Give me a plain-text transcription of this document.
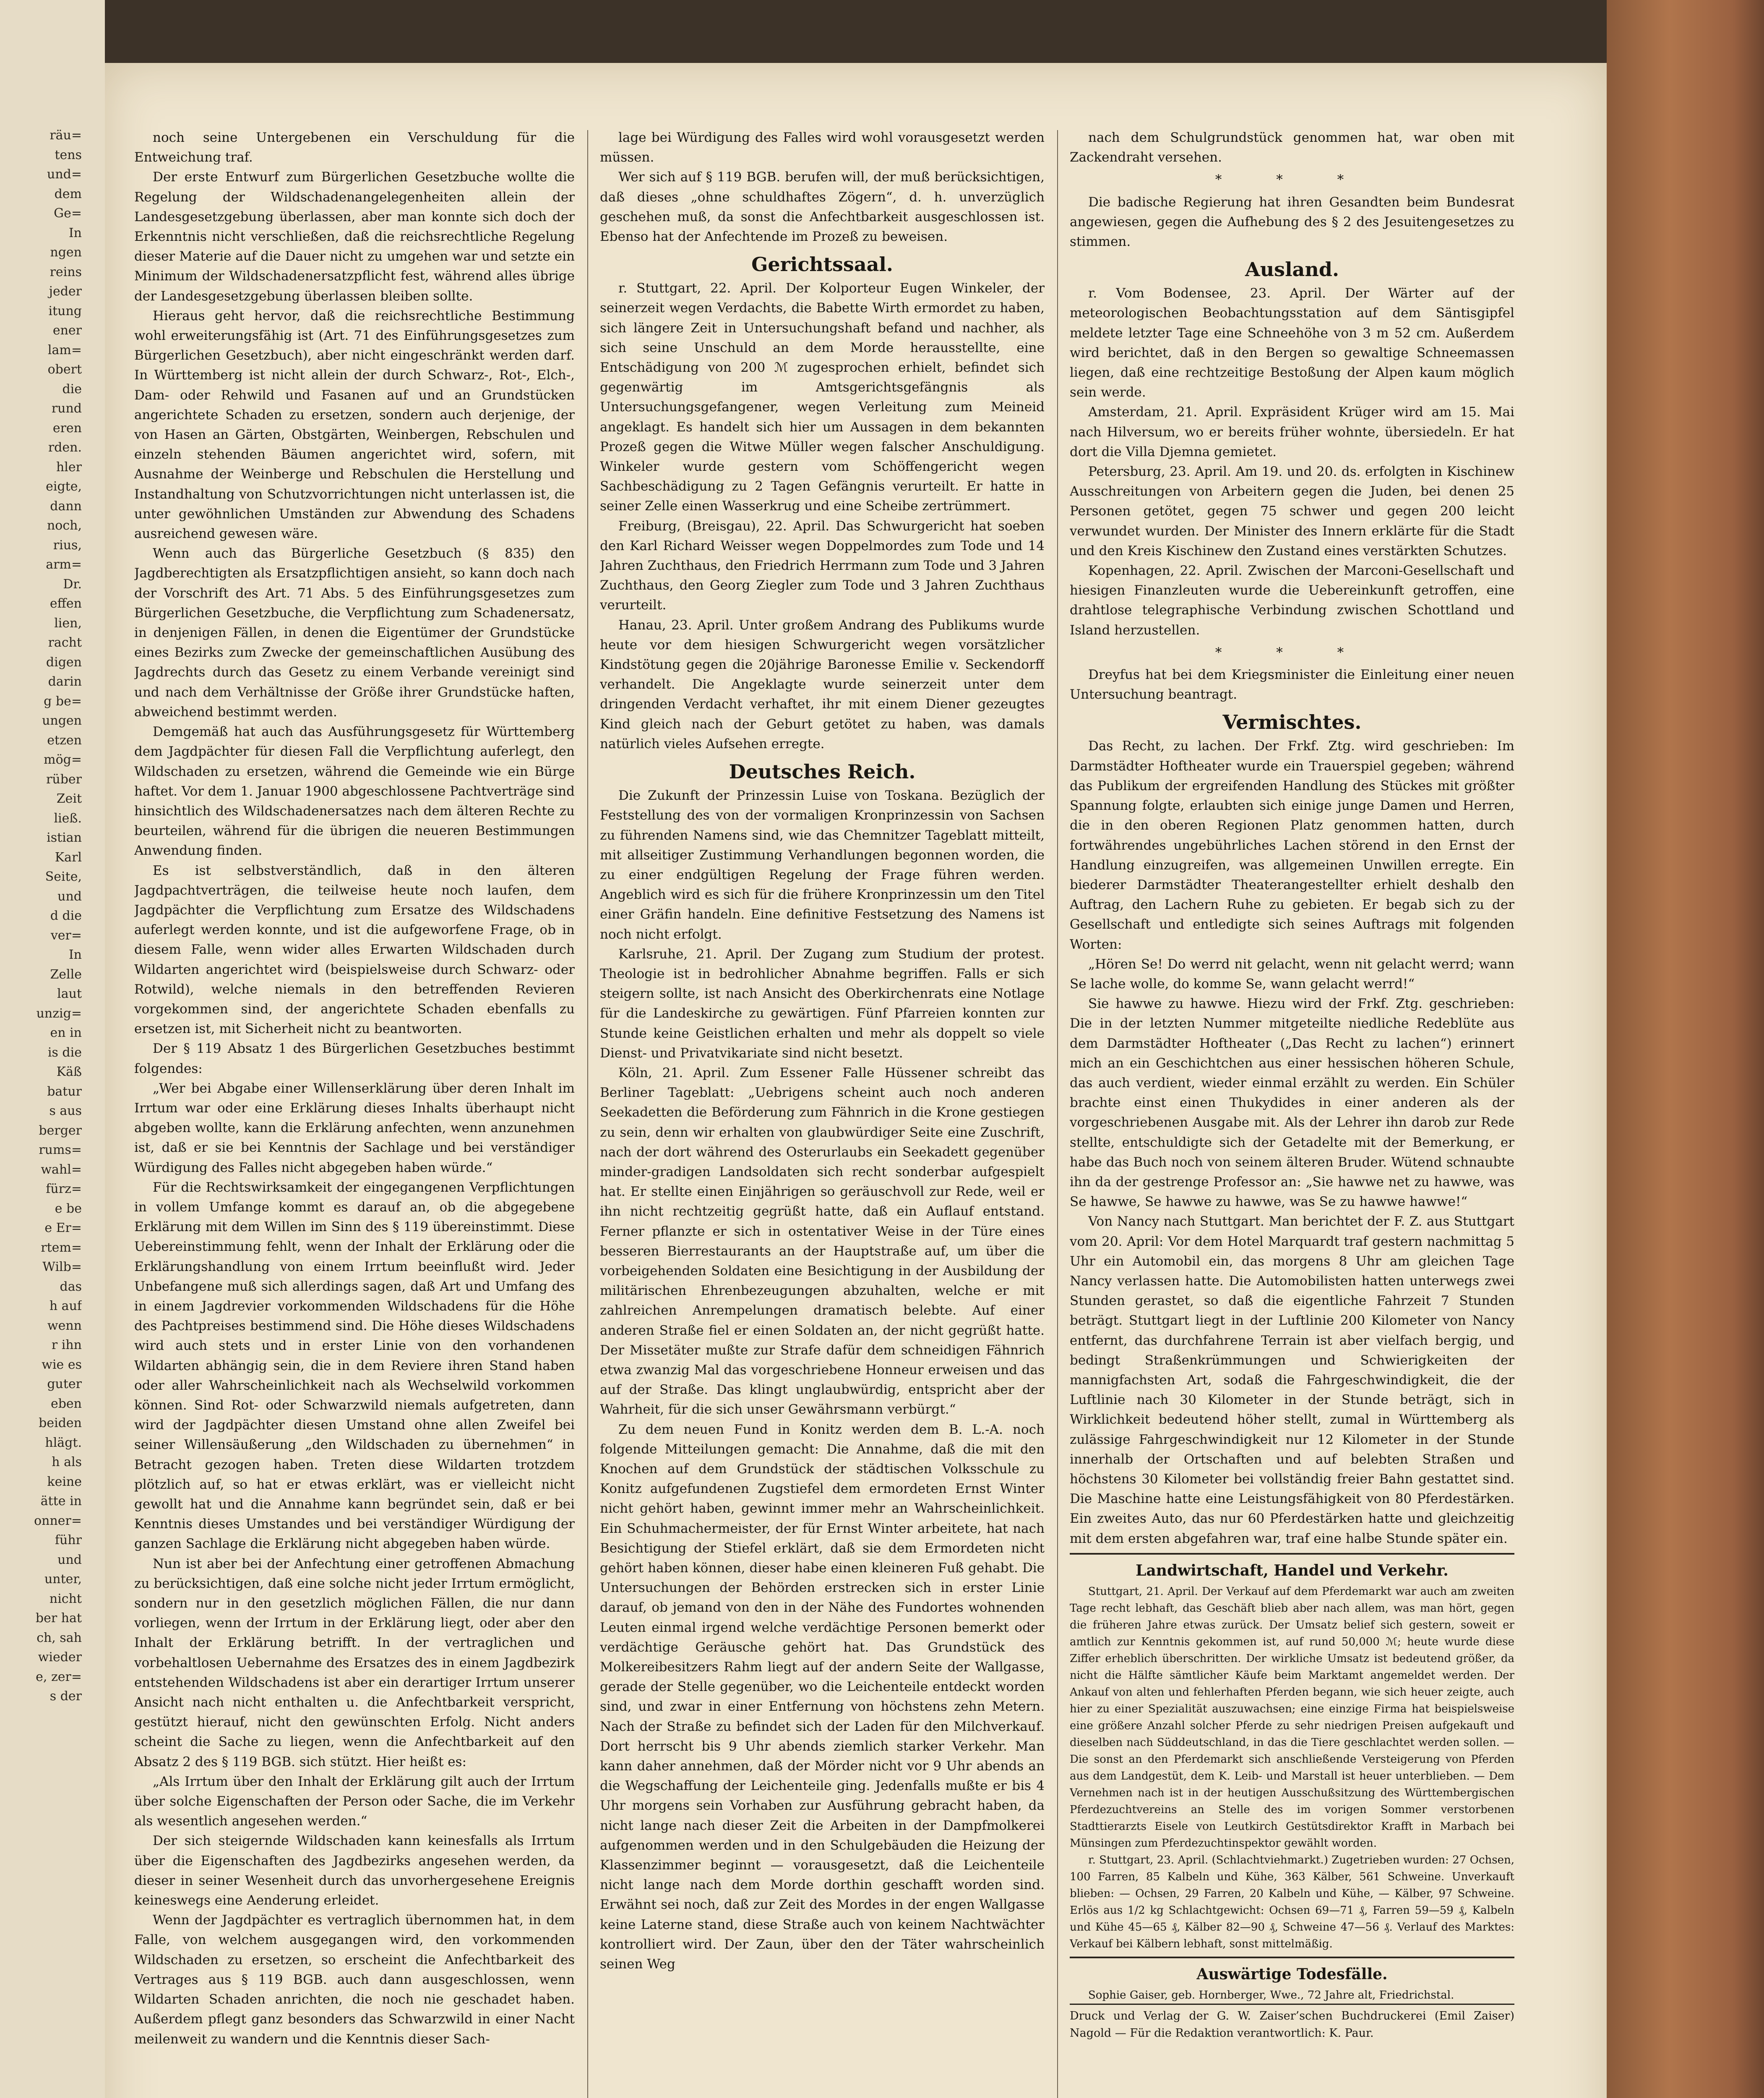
räu=
tens
und=
dem
Ge=
In
ngen
reins
jeder
itung
ener
lam=
obert
die
rund
eren
rden.
hler
eigte,
dann
noch,
rius,
arm=
Dr.
effen
lien,
racht
digen
darin
g be=
ungen
etzen
mög=
rüber
Zeit
ließ.
istian
Karl
Seite,
und
d die
ver=
In
Zelle
laut
unzig=
en in
is die
Käß
batur
s aus
berger
rums=
wahl=
fürz=
e be
e Er=
rtem=
Wilb=
das
h auf
wenn
r ihn
wie es
guter
eben
beiden
hlägt.
h als
keine
ätte in
onner=
führ
und
unter,
nicht
ber hat
ch, sah
wieder
e, zer=
s der

noch seine Untergebenen ein Verschuldung für die Entweichung traf.

Der erste Entwurf zum Bürgerlichen Gesetzbuche wollte die Regelung der Wildschadenangelegenheiten allein der Landesgesetzgebung überlassen, aber man konnte sich doch der Erkenntnis nicht verschließen, daß die reichsrechtliche Regelung dieser Materie auf die Dauer nicht zu umgehen war und setzte ein Minimum der Wildschadenersatzpflicht fest, während alles übrige der Landesgesetzgebung überlassen bleiben sollte.

Hieraus geht hervor, daß die reichsrechtliche Bestimmung wohl erweiterungsfähig ist (Art. 71 des Einführungsgesetzes zum Bürgerlichen Gesetzbuch), aber nicht eingeschränkt werden darf. In Württemberg ist nicht allein der durch Schwarz-, Rot-, Elch-, Dam- oder Rehwild und Fasanen auf und an Grundstücken angerichtete Schaden zu ersetzen, sondern auch derjenige, der von Hasen an Gärten, Obstgärten, Weinbergen, Rebschulen und einzeln stehenden Bäumen angerichtet wird, sofern, mit Ausnahme der Weinberge und Rebschulen die Herstellung und Instandhaltung von Schutzvorrichtungen nicht unterlassen ist, die unter gewöhnlichen Umständen zur Abwendung des Schadens ausreichend gewesen wäre.

Wenn auch das Bürgerliche Gesetzbuch (§ 835) den Jagdberechtigten als Ersatzpflichtigen ansieht, so kann doch nach der Vorschrift des Art. 71 Abs. 5 des Einführungsgesetzes zum Bürgerlichen Gesetzbuche, die Verpflichtung zum Schadenersatz, in denjenigen Fällen, in denen die Eigentümer der Grundstücke eines Bezirks zum Zwecke der gemeinschaftlichen Ausübung des Jagdrechts durch das Gesetz zu einem Verbande vereinigt sind und nach dem Verhältnisse der Größe ihrer Grundstücke haften, abweichend bestimmt werden.

Demgemäß hat auch das Ausführungsgesetz für Württemberg dem Jagdpächter für diesen Fall die Verpflichtung auferlegt, den Wildschaden zu ersetzen, während die Gemeinde wie ein Bürge haftet. Vor dem 1. Januar 1900 abgeschlossene Pachtverträge sind hinsichtlich des Wildschadenersatzes nach dem älteren Rechte zu beurteilen, während für die übrigen die neueren Bestimmungen Anwendung finden.

Es ist selbstverständlich, daß in den älteren Jagdpachtverträgen, die teilweise heute noch laufen, dem Jagdpächter die Verpflichtung zum Ersatze des Wildschadens auferlegt werden konnte, und ist die aufgeworfene Frage, ob in diesem Falle, wenn wider alles Erwarten Wildschaden durch Wildarten angerichtet wird (beispielsweise durch Schwarz- oder Rotwild), welche niemals in den betreffenden Revieren vorgekommen sind, der angerichtete Schaden ebenfalls zu ersetzen ist, mit Sicherheit nicht zu beantworten.

Der § 119 Absatz 1 des Bürgerlichen Gesetzbuches bestimmt folgendes:

„Wer bei Abgabe einer Willenserklärung über deren Inhalt im Irrtum war oder eine Erklärung dieses Inhalts überhaupt nicht abgeben wollte, kann die Erklärung anfechten, wenn anzunehmen ist, daß er sie bei Kenntnis der Sachlage und bei verständiger Würdigung des Falles nicht abgegeben haben würde.“

Für die Rechtswirksamkeit der eingegangenen Verpflichtungen in vollem Umfange kommt es darauf an, ob die abgegebene Erklärung mit dem Willen im Sinn des § 119 übereinstimmt. Diese Uebereinstimmung fehlt, wenn der Inhalt der Erklärung oder die Erklärungshandlung von einem Irrtum beeinflußt wird. Jeder Unbefangene muß sich allerdings sagen, daß Art und Umfang des in einem Jagdrevier vorkommenden Wildschadens für die Höhe des Pachtpreises bestimmend sind. Die Höhe dieses Wildschadens wird auch stets und in erster Linie von den vorhandenen Wildarten abhängig sein, die in dem Reviere ihren Stand haben oder aller Wahrscheinlichkeit nach als Wechselwild vorkommen können. Sind Rot- oder Schwarzwild niemals aufgetreten, dann wird der Jagdpächter diesen Umstand ohne allen Zweifel bei seiner Willensäußerung „den Wildschaden zu übernehmen“ in Betracht gezogen haben. Treten diese Wildarten trotzdem plötzlich auf, so hat er etwas erklärt, was er vielleicht nicht gewollt hat und die Annahme kann begründet sein, daß er bei Kenntnis dieses Umstandes und bei verständiger Würdigung der ganzen Sachlage die Erklärung nicht abgegeben haben würde.

Nun ist aber bei der Anfechtung einer getroffenen Abmachung zu berücksichtigen, daß eine solche nicht jeder Irrtum ermöglicht, sondern nur in den gesetzlich möglichen Fällen, die nur dann vorliegen, wenn der Irrtum in der Erklärung liegt, oder aber den Inhalt der Erklärung betrifft. In der vertraglichen und vorbehaltlosen Uebernahme des Ersatzes des in einem Jagdbezirk entstehenden Wildschadens ist aber ein derartiger Irrtum unserer Ansicht nach nicht enthalten u. die Anfechtbarkeit verspricht, gestützt hierauf, nicht den gewünschten Erfolg. Nicht anders scheint die Sache zu liegen, wenn die Anfechtbarkeit auf den Absatz 2 des § 119 BGB. sich stützt. Hier heißt es:

„Als Irrtum über den Inhalt der Erklärung gilt auch der Irrtum über solche Eigenschaften der Person oder Sache, die im Verkehr als wesentlich angesehen werden.“

Der sich steigernde Wildschaden kann keinesfalls als Irrtum über die Eigenschaften des Jagdbezirks angesehen werden, da dieser in seiner Wesenheit durch das unvorhergesehene Ereignis keineswegs eine Aenderung erleidet.

Wenn der Jagdpächter es vertraglich übernommen hat, in dem Falle, von welchem ausgegangen wird, den vorkommenden Wildschaden zu ersetzen, so erscheint die Anfechtbarkeit des Vertrages aus § 119 BGB. auch dann ausgeschlossen, wenn Wildarten Schaden anrichten, die noch nie geschadet haben. Außerdem pflegt ganz besonders das Schwarzwild in einer Nacht meilenweit zu wandern und die Kenntnis dieser Sach-

lage bei Würdigung des Falles wird wohl vorausgesetzt werden müssen.

Wer sich auf § 119 BGB. berufen will, der muß berücksichtigen, daß dieses „ohne schuldhaftes Zögern“, d. h. unverzüglich geschehen muß, da sonst die Anfechtbarkeit ausgeschlossen ist. Ebenso hat der Anfechtende im Prozeß zu beweisen.

Gerichtssaal.

r. Stuttgart, 22. April. Der Kolporteur Eugen Winkeler, der seinerzeit wegen Verdachts, die Babette Wirth ermordet zu haben, sich längere Zeit in Untersuchungshaft befand und nachher, als sich seine Unschuld an dem Morde herausstellte, eine Entschädigung von 200 ℳ zugesprochen erhielt, befindet sich gegenwärtig im Amtsgerichtsgefängnis als Untersuchungsgefangener, wegen Verleitung zum Meineid angeklagt. Es handelt sich hier um Aussagen in dem bekannten Prozeß gegen die Witwe Müller wegen falscher Anschuldigung. Winkeler wurde gestern vom Schöffengericht wegen Sachbeschädigung zu 2 Tagen Gefängnis verurteilt. Er hatte in seiner Zelle einen Wasserkrug und eine Scheibe zertrümmert.

Freiburg, (Breisgau), 22. April. Das Schwurgericht hat soeben den Karl Richard Weisser wegen Doppelmordes zum Tode und 14 Jahren Zuchthaus, den Friedrich Herrmann zum Tode und 3 Jahren Zuchthaus, den Georg Ziegler zum Tode und 3 Jahren Zuchthaus verurteilt.

Hanau, 23. April. Unter großem Andrang des Publikums wurde heute vor dem hiesigen Schwurgericht wegen vorsätzlicher Kindstötung gegen die 20jährige Baronesse Emilie v. Seckendorff verhandelt. Die Angeklagte wurde seinerzeit unter dem dringenden Verdacht verhaftet, ihr mit einem Diener gezeugtes Kind gleich nach der Geburt getötet zu haben, was damals natürlich vieles Aufsehen erregte.

Deutsches Reich.

Die Zukunft der Prinzessin Luise von Toskana. Bezüglich der Feststellung des von der vormaligen Kronprinzessin von Sachsen zu führenden Namens sind, wie das Chemnitzer Tageblatt mitteilt, mit allseitiger Zustimmung Verhandlungen begonnen worden, die zu einer endgültigen Regelung der Frage führen werden. Angeblich wird es sich für die frühere Kronprinzessin um den Titel einer Gräfin handeln. Eine definitive Festsetzung des Namens ist noch nicht erfolgt.

Karlsruhe, 21. April. Der Zugang zum Studium der protest. Theologie ist in bedrohlicher Abnahme begriffen. Falls er sich steigern sollte, ist nach Ansicht des Oberkirchenrats eine Notlage für die Landeskirche zu gewärtigen. Fünf Pfarreien konnten zur Stunde keine Geistlichen erhalten und mehr als doppelt so viele Dienst- und Privatvikariate sind nicht besetzt.

Köln, 21. April. Zum Essener Falle Hüssener schreibt das Berliner Tageblatt: „Uebrigens scheint auch noch anderen Seekadetten die Beförderung zum Fähnrich in die Krone gestiegen zu sein, denn wir erhalten von glaubwürdiger Seite eine Zuschrift, nach der dort während des Osterurlaubs ein Seekadett gegenüber minder-gradigen Landsoldaten sich recht sonderbar aufgespielt hat. Er stellte einen Einjährigen so geräuschvoll zur Rede, weil er ihn nicht rechtzeitig gegrüßt hatte, daß ein Auflauf entstand. Ferner pflanzte er sich in ostentativer Weise in der Türe eines besseren Bierrestaurants an der Hauptstraße auf, um über die vorbeigehenden Soldaten eine Besichtigung in der Ausbildung der militärischen Ehrenbezeugungen abzuhalten, welche er mit zahlreichen Anrempelungen dramatisch belebte. Auf einer anderen Straße fiel er einen Soldaten an, der nicht gegrüßt hatte. Der Missetäter mußte zur Strafe dafür dem schneidigen Fähnrich etwa zwanzig Mal das vorgeschriebene Honneur erweisen und das auf der Straße. Das klingt unglaubwürdig, entspricht aber der Wahrheit, für die sich unser Gewährsmann verbürgt.“

Zu dem neuen Fund in Konitz werden dem B. L.-A. noch folgende Mitteilungen gemacht: Die Annahme, daß die mit den Knochen auf dem Grundstück der städtischen Volksschule zu Konitz aufgefundenen Zugstiefel dem ermordeten Ernst Winter nicht gehört haben, gewinnt immer mehr an Wahrscheinlichkeit. Ein Schuhmachermeister, der für Ernst Winter arbeitete, hat nach Besichtigung der Stiefel erklärt, daß sie dem Ermordeten nicht gehört haben können, dieser habe einen kleineren Fuß gehabt. Die Untersuchungen der Behörden erstrecken sich in erster Linie darauf, ob jemand von den in der Nähe des Fundortes wohnenden Leuten einmal irgend welche verdächtige Personen bemerkt oder verdächtige Geräusche gehört hat. Das Grundstück des Molkereibesitzers Rahm liegt auf der andern Seite der Wallgasse, gerade der Stelle gegenüber, wo die Leichenteile entdeckt worden sind, und zwar in einer Entfernung von höchstens zehn Metern. Nach der Straße zu befindet sich der Laden für den Milchverkauf. Dort herrscht bis 9 Uhr abends ziemlich starker Verkehr. Man kann daher annehmen, daß der Mörder nicht vor 9 Uhr abends an die Wegschaffung der Leichenteile ging. Jedenfalls mußte er bis 4 Uhr morgens sein Vorhaben zur Ausführung gebracht haben, da nicht lange nach dieser Zeit die Arbeiten in der Dampfmolkerei aufgenommen werden und in den Schulgebäuden die Heizung der Klassenzimmer beginnt — vorausgesetzt, daß die Leichenteile nicht lange nach dem Morde dorthin geschafft worden sind. Erwähnt sei noch, daß zur Zeit des Mordes in der engen Wallgasse keine Laterne stand, diese Straße auch von keinem Nachtwächter kontrolliert wird. Der Zaun, über den der Täter wahrscheinlich seinen Weg

nach dem Schulgrundstück genommen hat, war oben mit Zackendraht versehen.

* * *

Die badische Regierung hat ihren Gesandten beim Bundesrat angewiesen, gegen die Aufhebung des § 2 des Jesuitengesetzes zu stimmen.

Ausland.

r. Vom Bodensee, 23. April. Der Wärter auf der meteorologischen Beobachtungsstation auf dem Säntisgipfel meldete letzter Tage eine Schneehöhe von 3 m 52 cm. Außerdem wird berichtet, daß in den Bergen so gewaltige Schneemassen liegen, daß eine rechtzeitige Bestoßung der Alpen kaum möglich sein werde.

Amsterdam, 21. April. Expräsident Krüger wird am 15. Mai nach Hilversum, wo er bereits früher wohnte, übersiedeln. Er hat dort die Villa Djemna gemietet.

Petersburg, 23. April. Am 19. und 20. ds. erfolgten in Kischinew Ausschreitungen von Arbeitern gegen die Juden, bei denen 25 Personen getötet, gegen 75 schwer und gegen 200 leicht verwundet wurden. Der Minister des Innern erklärte für die Stadt und den Kreis Kischinew den Zustand eines verstärkten Schutzes.

Kopenhagen, 22. April. Zwischen der Marconi-Gesellschaft und hiesigen Finanzleuten wurde die Uebereinkunft getroffen, eine drahtlose telegraphische Verbindung zwischen Schottland und Island herzustellen.

* * *

Dreyfus hat bei dem Kriegsminister die Einleitung einer neuen Untersuchung beantragt.

Vermischtes.

Das Recht, zu lachen. Der Frkf. Ztg. wird geschrieben: Im Darmstädter Hoftheater wurde ein Trauerspiel gegeben; während das Publikum der ergreifenden Handlung des Stückes mit größter Spannung folgte, erlaubten sich einige junge Damen und Herren, die in den oberen Regionen Platz genommen hatten, durch fortwährendes ungebührliches Lachen störend in den Ernst der Handlung einzugreifen, was allgemeinen Unwillen erregte. Ein biederer Darmstädter Theaterangestellter erhielt deshalb den Auftrag, den Lachern Ruhe zu gebieten. Er begab sich zu der Gesellschaft und entledigte sich seines Auftrags mit folgenden Worten:

„Hören Se! Do werrd nit gelacht, wenn nit gelacht werrd; wann Se lache wolle, do komme Se, wann gelacht werrd!“

Sie hawwe zu hawwe. Hiezu wird der Frkf. Ztg. geschrieben: Die in der letzten Nummer mitgeteilte niedliche Redeblüte aus dem Darmstädter Hoftheater („Das Recht zu lachen“) erinnert mich an ein Geschichtchen aus einer hessischen höheren Schule, das auch verdient, wieder einmal erzählt zu werden. Ein Schüler brachte einst einen Thukydides in einer anderen als der vorgeschriebenen Ausgabe mit. Als der Lehrer ihn darob zur Rede stellte, entschuldigte sich der Getadelte mit der Bemerkung, er habe das Buch noch von seinem älteren Bruder. Wütend schnaubte ihn da der gestrenge Professor an: „Sie hawwe net zu hawwe, was Se hawwe, Se hawwe zu hawwe, was Se zu hawwe hawwe!“

Von Nancy nach Stuttgart. Man berichtet der F. Z. aus Stuttgart vom 20. April: Vor dem Hotel Marquardt traf gestern nachmittag 5 Uhr ein Automobil ein, das morgens 8 Uhr am gleichen Tage Nancy verlassen hatte. Die Automobilisten hatten unterwegs zwei Stunden gerastet, so daß die eigentliche Fahrzeit 7 Stunden beträgt. Stuttgart liegt in der Luftlinie 200 Kilometer von Nancy entfernt, das durchfahrene Terrain ist aber vielfach bergig, und bedingt Straßenkrümmungen und Schwierigkeiten der mannigfachsten Art, sodaß die Fahrgeschwindigkeit, die der Luftlinie nach 30 Kilometer in der Stunde beträgt, sich in Wirklichkeit bedeutend höher stellt, zumal in Württemberg als zulässige Fahrgeschwindigkeit nur 12 Kilometer in der Stunde innerhalb der Ortschaften und auf belebten Straßen und höchstens 30 Kilometer bei vollständig freier Bahn gestattet sind. Die Maschine hatte eine Leistungsfähigkeit von 80 Pferdestärken. Ein zweites Auto, das nur 60 Pferdestärken hatte und gleichzeitig mit dem ersten abgefahren war, traf eine halbe Stunde später ein.

Landwirtschaft, Handel und Verkehr.

Stuttgart, 21. April. Der Verkauf auf dem Pferdemarkt war auch am zweiten Tage recht lebhaft, das Geschäft blieb aber nach allem, was man hört, gegen die früheren Jahre etwas zurück. Der Umsatz belief sich gestern, soweit er amtlich zur Kenntnis gekommen ist, auf rund 50,000 ℳ; heute wurde diese Ziffer erheblich überschritten. Der wirkliche Umsatz ist bedeutend größer, da nicht die Hälfte sämtlicher Käufe beim Marktamt angemeldet werden. Der Ankauf von alten und fehlerhaften Pferden begann, wie sich heuer zeigte, auch hier zu einer Spezialität auszuwachsen; eine einzige Firma hat beispielsweise eine größere Anzahl solcher Pferde zu sehr niedrigen Preisen aufgekauft und dieselben nach Süddeutschland, in das die Tiere geschlachtet werden sollen. — Die sonst an den Pferdemarkt sich anschließende Versteigerung von Pferden aus dem Landgestüt, dem K. Leib- und Marstall ist heuer unterblieben. — Dem Vernehmen nach ist in der heutigen Ausschußsitzung des Württembergischen Pferdezuchtvereins an Stelle des im vorigen Sommer verstorbenen Stadttierarzts Eisele von Leutkirch Gestütsdirektor Krafft in Marbach bei Münsingen zum Pferdezuchtinspektor gewählt worden.

r. Stuttgart, 23. April. (Schlachtviehmarkt.) Zugetrieben wurden: 27 Ochsen, 100 Farren, 85 Kalbeln und Kühe, 363 Kälber, 561 Schweine. Unverkauft blieben: — Ochsen, 29 Farren, 20 Kalbeln und Kühe, — Kälber, 97 Schweine. Erlös aus 1/2 kg Schlachtgewicht: Ochsen 69—71 ₰, Farren 59—59 ₰, Kalbeln und Kühe 45—65 ₰, Kälber 82—90 ₰, Schweine 47—56 ₰. Verlauf des Marktes: Verkauf bei Kälbern lebhaft, sonst mittelmäßig.

Auswärtige Todesfälle.

Sophie Gaiser, geb. Hornberger, Wwe., 72 Jahre alt, Friedrichstal.

Druck und Verlag der G. W. Zaiser’schen Buchdruckerei (Emil Zaiser) Nagold — Für die Redaktion verantwortlich: K. Paur.
